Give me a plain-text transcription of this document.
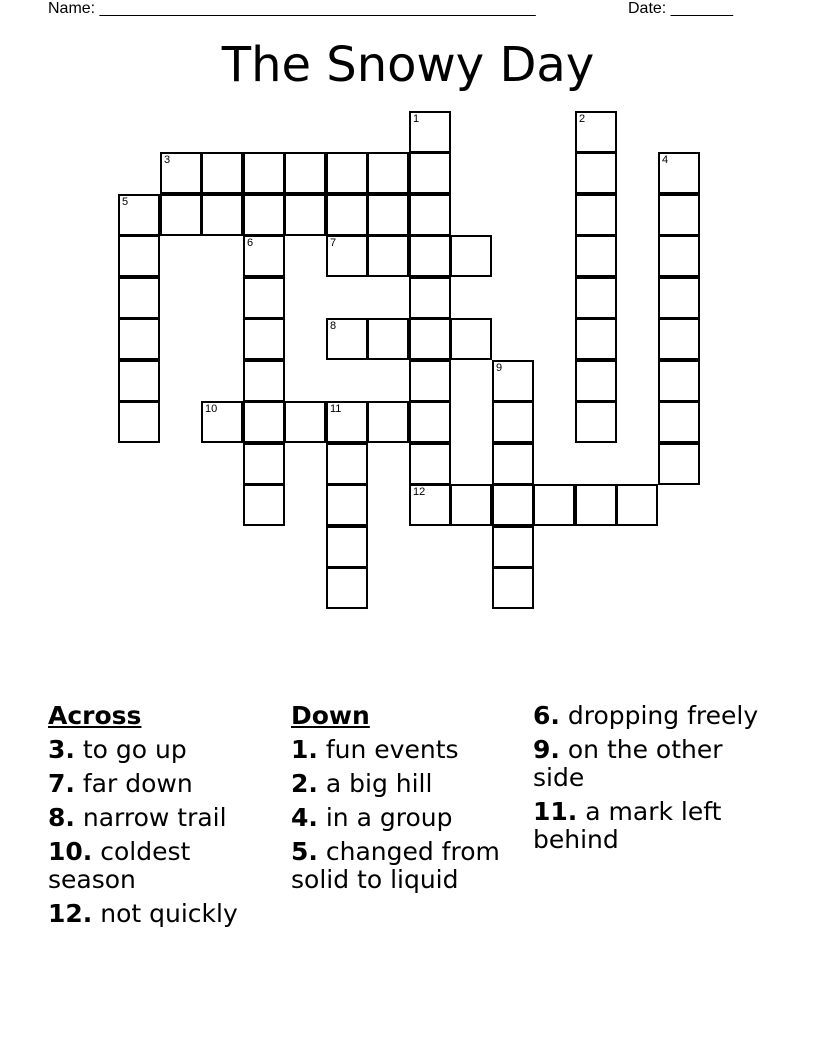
Name: _________________________________________________	Date: _______
The Snowy Day
1	2
3	4
5
6	7
8
9
10	11
12
Across
3. to go up
7. far down
8. narrow trail
10. coldest season
12. not quickly
Down
1. fun events
2. a big hill
4. in a group
5. changed from solid to liquid
6. dropping freely
9. on the other side
11. a mark left behind
